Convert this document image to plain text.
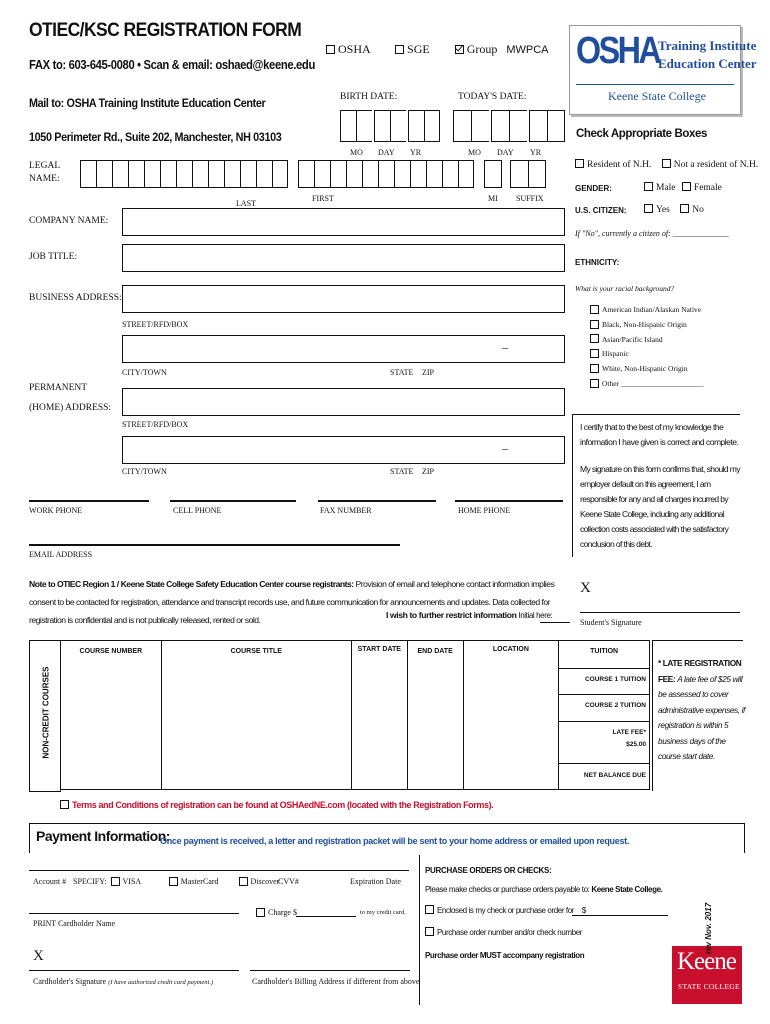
OTIEC/KSC REGISTRATION FORM
FAX to: 603-645-0080 • Scan & email: oshaed@keene.edu
Mail to: OSHA Training Institute Education Center
1050 Perimeter Rd., Suite 202, Manchester, NH 03103
OSHA	SGE	Group MWPCA OSHA
Training Institute
Education Center
Keene State College
BIRTH DATE:	TODAY'S DATE:
MO DAY YR	MO DAY YR
LEGAL NAME:
LAST
FIRST	MI SUFFIX
COMPANY NAME:
JOB TITLE:
BUSINESS ADDRESS:
STREET/RFD/BOX
CITY/TOWN	STATE ZIP
–
PERMANENT
(HOME) ADDRESS:
STREET/RFD/BOX
CITY/TOWN	STATE ZIP
–
WORK PHONE	CELL PHONE	FAX NUMBER	HOME PHONE
EMAIL ADDRESS
Check Appropriate Boxes
Resident of N.H. Not a resident of N.H.
GENDER:	Male Female
U.S. CITIZEN:	Yes No
If "No", currently a citizen of: ______________
ETHNICITY:
What is your racial background?
American Indian/Alaskan Native
Black, Non-Hispanic Origin
Asian/Pacific Island
Hispanic
White, Non-Hispanic Origin
Other ______________________
I certify that to the best of my knowledge the information I have given is correct and complete.
My signature on this form confirms that, should my employer default on this agreement, I am responsible for any and all charges incurred by Keene State College, including any additional collection costs associated with the satisfactory conclusion of this debt.
X
Student's Signature
Note to OTIEC Region 1 / Keene State College Safety Education Center course registrants: Provision of email and telephone contact information implies consent to be contacted for registration, attendance and transcript records use, and future communication for announcements and updates. Data collected for registration is confidential and is not publically released, rented or sold.	I wish to further restrict information Initial here:
NON-CREDIT COURSES
COURSE NUMBER	COURSE TITLE	START DATE	END DATE	LOCATION	TUITION

COURSE 1 TUITION

COURSE 2 TUITION

LATE FEE*
$25.00

NET BALANCE DUE
* LATE REGISTRATION FEE: A late fee of $25 will be assessed to cover administrative expenses, if registration is within 5 business days of the course start date.
Terms and Conditions of registration can be found at OSHAedNE.com (located with the Registration Forms).
Payment Information:
Once payment is received, a letter and registration packet will be sent to your home address or emailed upon request.
Account # SPECIFY: VISA	MasterCard	Discover
CVV#	Expiration Date
Charge $	to my credit card.
PRINT Cardholder Name
X
Cardholder's Signature (I have authorized credit card payment.)	Cardholder's Billing Address if different from above
PURCHASE ORDERS OR CHECKS:
Please make checks or purchase orders payable to: Keene State College.
Enclosed is my check or purchase order for $
Purchase order number and/or check number
Purchase order MUST accompany registration	Keene
STATE COLLEGE
rev Nov. 2017
